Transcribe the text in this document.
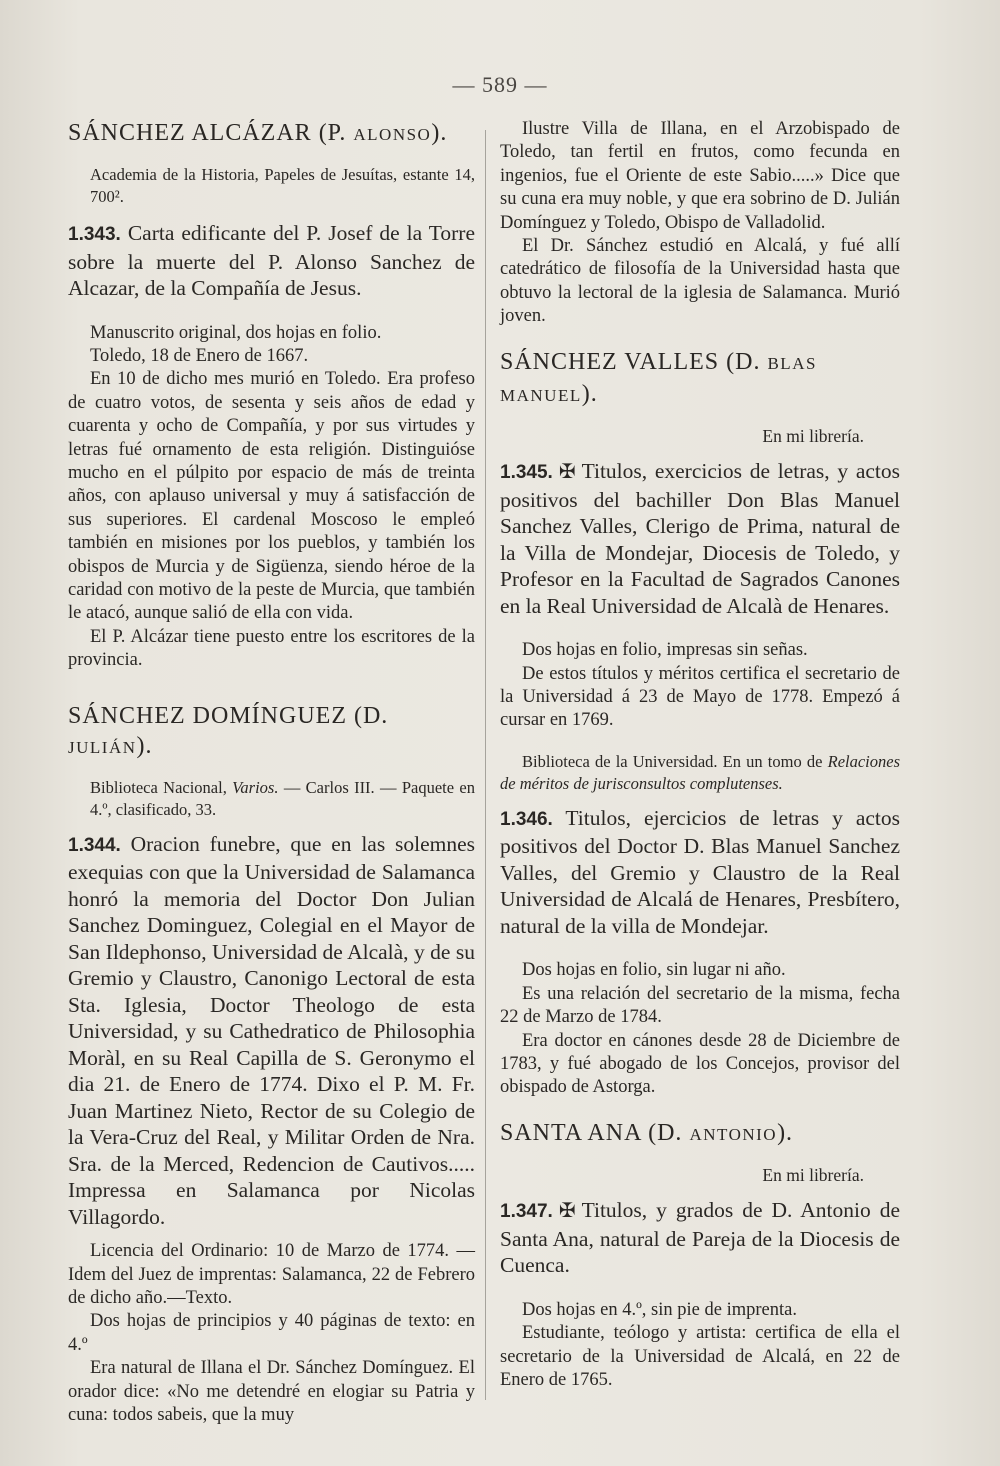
— 589 —
SÁNCHEZ ALCÁZAR (P. ALONSO).

Academia de la Historia, Papeles de Jesuítas, estante 14, 700².

1.343. Carta edificante del P. Josef de la Torre sobre la muerte del P. Alonso Sanchez de Alcazar, de la Compañía de Jesus.

Manuscrito original, dos hojas en folio.

Toledo, 18 de Enero de 1667.

En 10 de dicho mes murió en Toledo. Era profeso de cuatro votos, de sesenta y seis años de edad y cuarenta y ocho de Compañía, y por sus virtudes y letras fué ornamento de esta religión. Distinguióse mucho en el púlpito por espacio de más de treinta años, con aplauso universal y muy á satisfacción de sus superiores. El cardenal Moscoso le empleó también en misiones por los pueblos, y también los obispos de Murcia y de Sigüenza, siendo héroe de la caridad con motivo de la peste de Murcia, que también le atacó, aunque salió de ella con vida.

El P. Alcázar tiene puesto entre los escritores de la provincia.

SÁNCHEZ DOMÍNGUEZ (D. JULIÁN).

Biblioteca Nacional, Varios. — Carlos III. — Paquete en 4.º, clasificado, 33.

1.344. Oracion funebre, que en las solemnes exequias con que la Universidad de Salamanca honró la memoria del Doctor Don Julian Sanchez Dominguez, Colegial en el Mayor de San Ildephonso, Universidad de Alcalà, y de su Gremio y Claustro, Canonigo Lectoral de esta Sta. Iglesia, Doctor Theologo de esta Universidad, y su Cathedratico de Philosophia Moràl, en su Real Capilla de S. Geronymo el dia 21. de Enero de 1774. Dixo el P. M. Fr. Juan Martinez Nieto, Rector de su Colegio de la Vera-Cruz del Real, y Militar Orden de Nra. Sra. de la Merced, Redencion de Cautivos..... Impressa en Salamanca por Nicolas Villagordo.

Licencia del Ordinario: 10 de Marzo de 1774. —Idem del Juez de imprentas: Salamanca, 22 de Febrero de dicho año.—Texto.

Dos hojas de principios y 40 páginas de texto: en 4.º

Era natural de Illana el Dr. Sánchez Domínguez. El orador dice: «No me detendré en elogiar su Patria y cuna: todos sabeis, que la muy

Ilustre Villa de Illana, en el Arzobispado de Toledo, tan fertil en frutos, como fecunda en ingenios, fue el Oriente de este Sabio.....» Dice que su cuna era muy noble, y que era sobrino de D. Julián Domínguez y Toledo, Obispo de Valladolid.

El Dr. Sánchez estudió en Alcalá, y fué allí catedrático de filosofía de la Universidad hasta que obtuvo la lectoral de la iglesia de Salamanca. Murió joven.

SÁNCHEZ VALLES (D. BLAS MANUEL).

En mi librería.

1.345. ✠ Titulos, exercicios de letras, y actos positivos del bachiller Don Blas Manuel Sanchez Valles, Clerigo de Prima, natural de la Villa de Mondejar, Diocesis de Toledo, y Profesor en la Facultad de Sagrados Canones en la Real Universidad de Alcalà de Henares.

Dos hojas en folio, impresas sin señas.

De estos títulos y méritos certifica el secretario de la Universidad á 23 de Mayo de 1778. Empezó á cursar en 1769.

Biblioteca de la Universidad. En un tomo de Relaciones de méritos de jurisconsultos complutenses.

1.346. Titulos, ejercicios de letras y actos positivos del Doctor D. Blas Manuel Sanchez Valles, del Gremio y Claustro de la Real Universidad de Alcalá de Henares, Presbítero, natural de la villa de Mondejar.

Dos hojas en folio, sin lugar ni año.

Es una relación del secretario de la misma, fecha 22 de Marzo de 1784.

Era doctor en cánones desde 28 de Diciembre de 1783, y fué abogado de los Concejos, provisor del obispado de Astorga.

SANTA ANA (D. ANTONIO).

En mi librería.

1.347. ✠ Titulos, y grados de D. Antonio de Santa Ana, natural de Pareja de la Diocesis de Cuenca.

Dos hojas en 4.º, sin pie de imprenta.

Estudiante, teólogo y artista: certifica de ella el secretario de la Universidad de Alcalá, en 22 de Enero de 1765.
